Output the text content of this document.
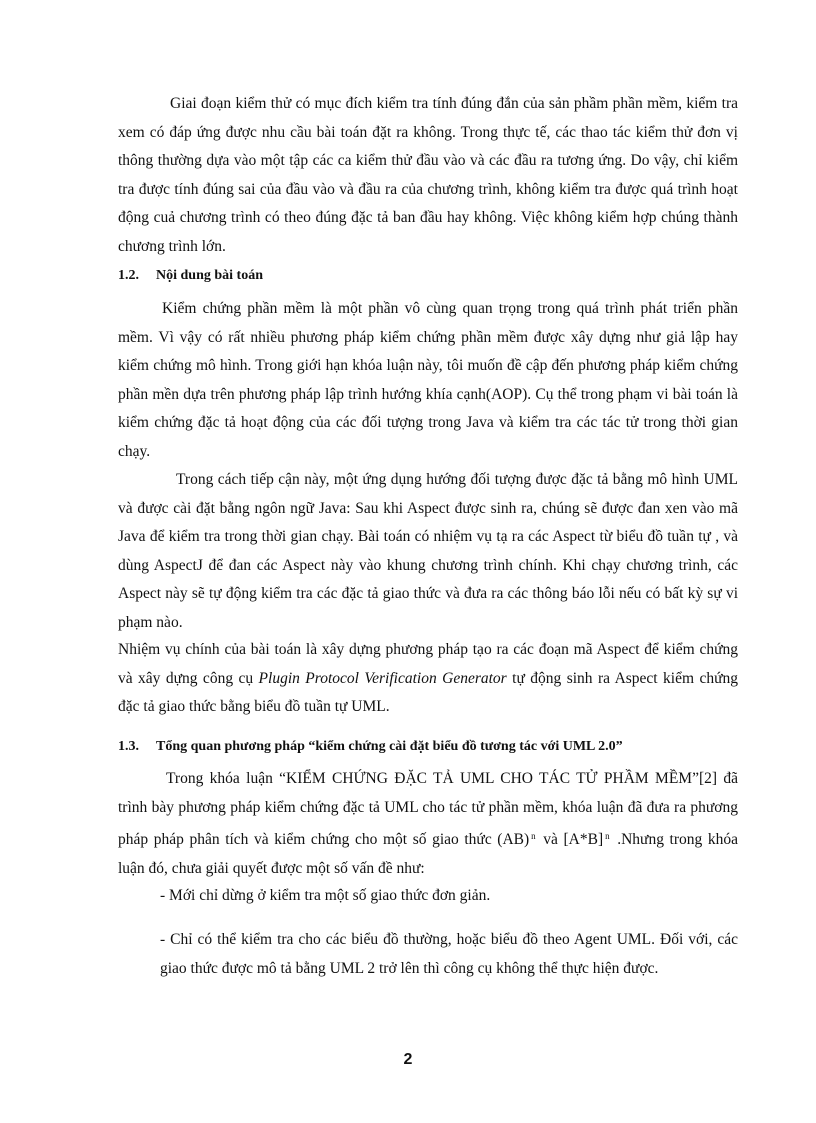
Giai đoạn kiểm thử có mục đích kiểm tra tính đúng đắn của sản phầm phần mềm, kiểm tra xem có đáp ứng được nhu cầu bài toán đặt ra không. Trong thực tế, các thao tác kiểm thử đơn vị thông thường dựa vào một tập các ca kiểm thử đầu vào và các đầu ra tương ứng. Do vậy, chỉ kiểm tra được tính đúng sai của đầu vào và đầu ra của chương trình, không kiểm tra được quá trình hoạt động cuả chương trình có theo đúng đặc tả ban đầu hay không. Việc không kiểm hợp chúng thành chương trình lớn.

1.2. Nội dung bài toán

Kiểm chứng phần mềm là một phần vô cùng quan trọng trong quá trình phát triển phần mềm. Vì vậy có rất nhiều phương pháp kiểm chứng phần mềm được xây dựng như giả lập hay kiểm chứng mô hình. Trong giới hạn khóa luận này, tôi muốn đề cập đến phương pháp kiểm chứng phần mền dựa trên phương pháp lập trình hướng khía cạnh(AOP). Cụ thể trong phạm vi bài toán là kiểm chứng đặc tả hoạt động của các đối tượng trong Java và kiểm tra các tác tử trong thời gian chạy.

Trong cách tiếp cận này, một ứng dụng hướng đối tượng được đặc tả bằng mô hình UML và được cài đặt bằng ngôn ngữ Java: Sau khi Aspect được sinh ra, chúng sẽ được đan xen vào mã Java để kiểm tra trong thời gian chạy. Bài toán có nhiệm vụ tạ ra các Aspect từ biểu đồ tuần tự , và dùng AspectJ để đan các Aspect này vào khung chương trình chính. Khi chạy chương trình, các Aspect này sẽ tự động kiểm tra các đặc tả giao thức và đưa ra các thông báo lỗi nếu có bất kỳ sự vi phạm nào.

Nhiệm vụ chính của bài toán là xây dựng phương pháp tạo ra các đoạn mã Aspect để kiểm chứng và xây dựng công cụ Plugin Protocol Verification Generator tự động sinh ra Aspect kiểm chứng đặc tả giao thức bằng biểu đồ tuần tự UML.

1.3. Tổng quan phương pháp “kiểm chứng cài đặt biểu đồ tương tác với UML 2.0”

Trong khóa luận “KIỂM CHỨNG ĐẶC TẢ UML CHO TÁC TỬ PHẦM MỀM”[2] đã trình bày phương pháp kiểm chứng đặc tả UML cho tác tử phần mềm, khóa luận đã đưa ra phương pháp pháp phân tích và kiểm chứng cho một số giao thức (AB) $^n$ và [A*B] $^n$ .Nhưng trong khóa luận đó, chưa giải quyết được một số vấn đề như:

- Mới chỉ dừng ở kiểm tra một số giao thức đơn giản.

- Chỉ có thể kiểm tra cho các biểu đồ thường, hoặc biểu đồ theo Agent UML. Đối với, các giao thức được mô tả bằng UML 2 trở lên thì công cụ không thể thực hiện được.

2
